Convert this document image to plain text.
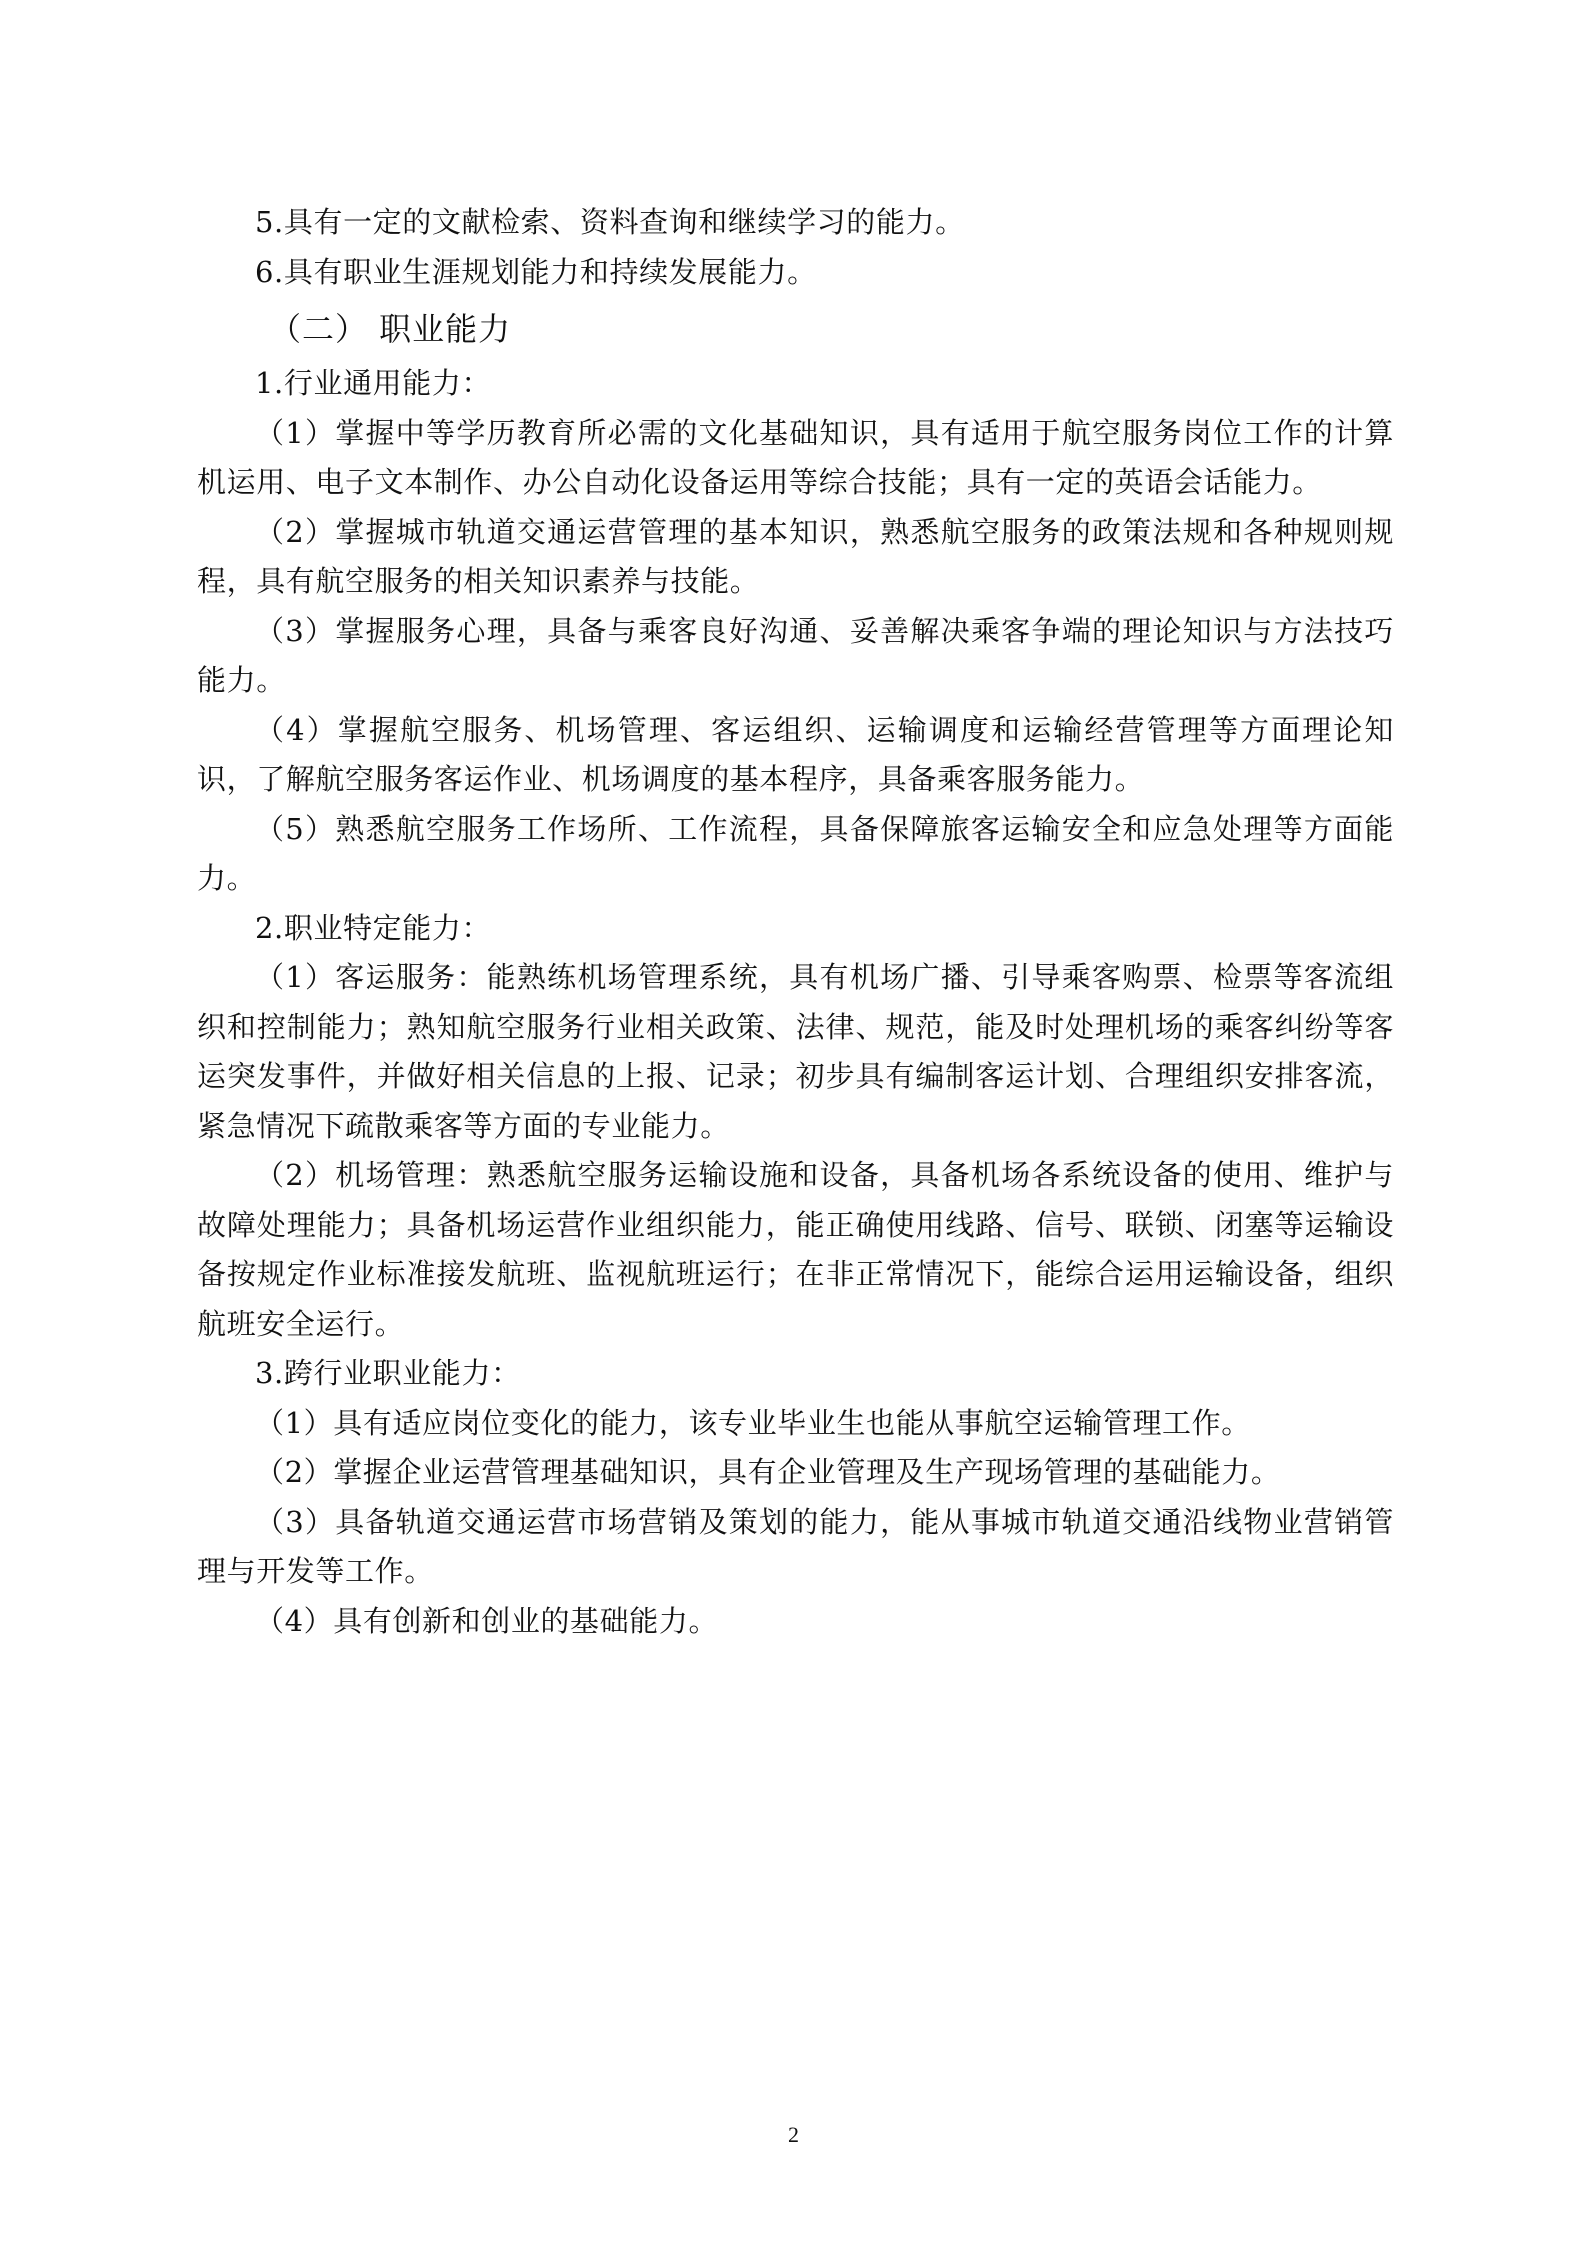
5.具有一定的文献检索、资料查询和继续学习的能力。

6.具有职业生涯规划能力和持续发展能力。

（二） 职业能力

1.行业通用能力：

（1）掌握中等学历教育所必需的文化基础知识，具有适用于航空服务岗位工作的计算机运用、电子文本制作、办公自动化设备运用等综合技能；具有一定的英语会话能力。

（2）掌握城市轨道交通运营管理的基本知识，熟悉航空服务的政策法规和各种规则规程，具有航空服务的相关知识素养与技能。

（3）掌握服务心理，具备与乘客良好沟通、妥善解决乘客争端的理论知识与方法技巧能力。

（4）掌握航空服务、机场管理、客运组织、运输调度和运输经营管理等方面理论知识，了解航空服务客运作业、机场调度的基本程序，具备乘客服务能力。

（5）熟悉航空服务工作场所、工作流程，具备保障旅客运输安全和应急处理等方面能力。

2.职业特定能力：

（1）客运服务：能熟练机场管理系统，具有机场广播、引导乘客购票、检票等客流组织和控制能力；熟知航空服务行业相关政策、法律、规范，能及时处理机场的乘客纠纷等客运突发事件，并做好相关信息的上报、记录；初步具有编制客运计划、合理组织安排客流，紧急情况下疏散乘客等方面的专业能力。

（2）机场管理：熟悉航空服务运输设施和设备，具备机场各系统设备的使用、维护与故障处理能力；具备机场运营作业组织能力，能正确使用线路、信号、联锁、闭塞等运输设备按规定作业标准接发航班、监视航班运行；在非正常情况下，能综合运用运输设备，组织航班安全运行。

3.跨行业职业能力：

（1）具有适应岗位变化的能力，该专业毕业生也能从事航空运输管理工作。

（2）掌握企业运营管理基础知识，具有企业管理及生产现场管理的基础能力。

（3）具备轨道交通运营市场营销及策划的能力，能从事城市轨道交通沿线物业营销管理与开发等工作。

（4）具有创新和创业的基础能力。

2
